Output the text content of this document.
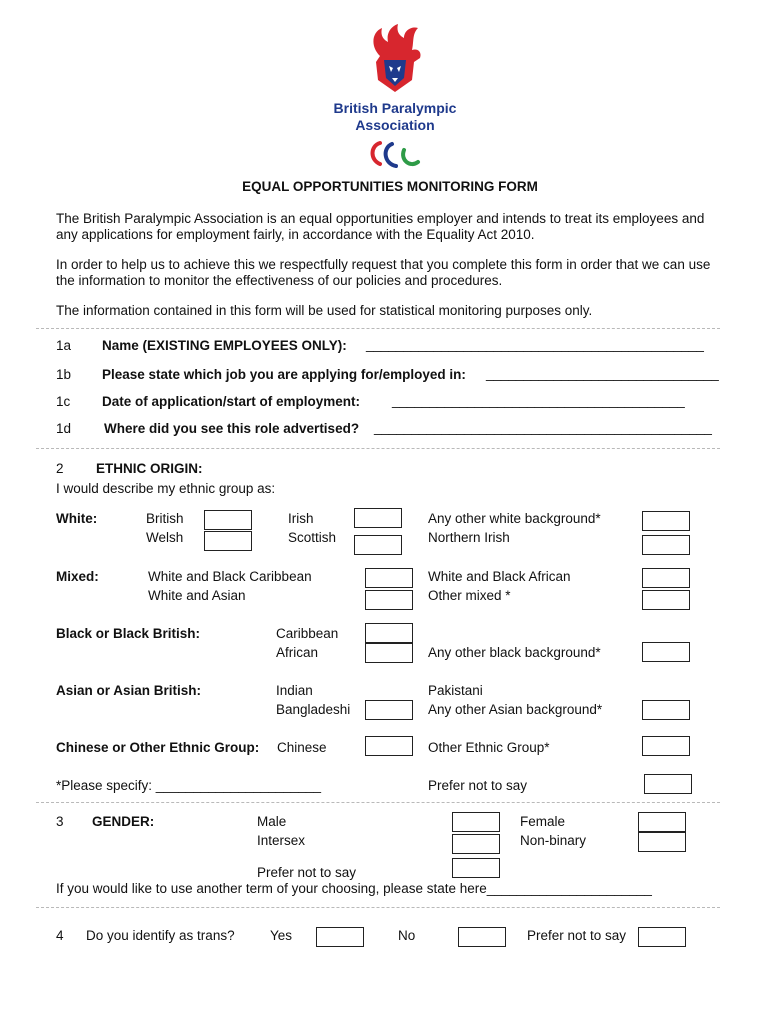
British Paralympic
Association
EQUAL OPPORTUNITIES MONITORING FORM
The British Paralympic Association is an equal opportunities employer and intends to treat its employees and any applications for employment fairly, in accordance with the Equality Act 2010.
In order to help us to achieve this we respectfully request that you complete this form in order that we can use the information to monitor the effectiveness of our policies and procedures.
The information contained in this form will be used for statistical monitoring purposes only.
1a Name (EXISTING EMPLOYEES ONLY): _____________________________________________
1b Please state which job you are applying for/employed in: _______________________________
1c Date of application/start of employment: _______________________________________
1d Where did you see this role advertised? _____________________________________________
2 ETHNIC ORIGIN:
I would describe my ethnic group as:
White:	British	Irish	Any other white background*
Welsh	Scottish	Northern Irish
Mixed:	White and Black Caribbean	White and Black African
White and Asian	Other mixed *
Black or Black British:	Caribbean
African	Any other black background*
Asian or Asian British:	Indian	Pakistani
Bangladeshi	Any other Asian background*
Chinese or Other Ethnic Group: Chinese	Other Ethnic Group*
*Please specify: ______________________	Prefer not to say
3 GENDER:	Male	Female
Intersex	Non-binary
Prefer not to say
If you would like to use another term of your choosing, please state here______________________
4 Do you identify as trans?	Yes	No	Prefer not to say
